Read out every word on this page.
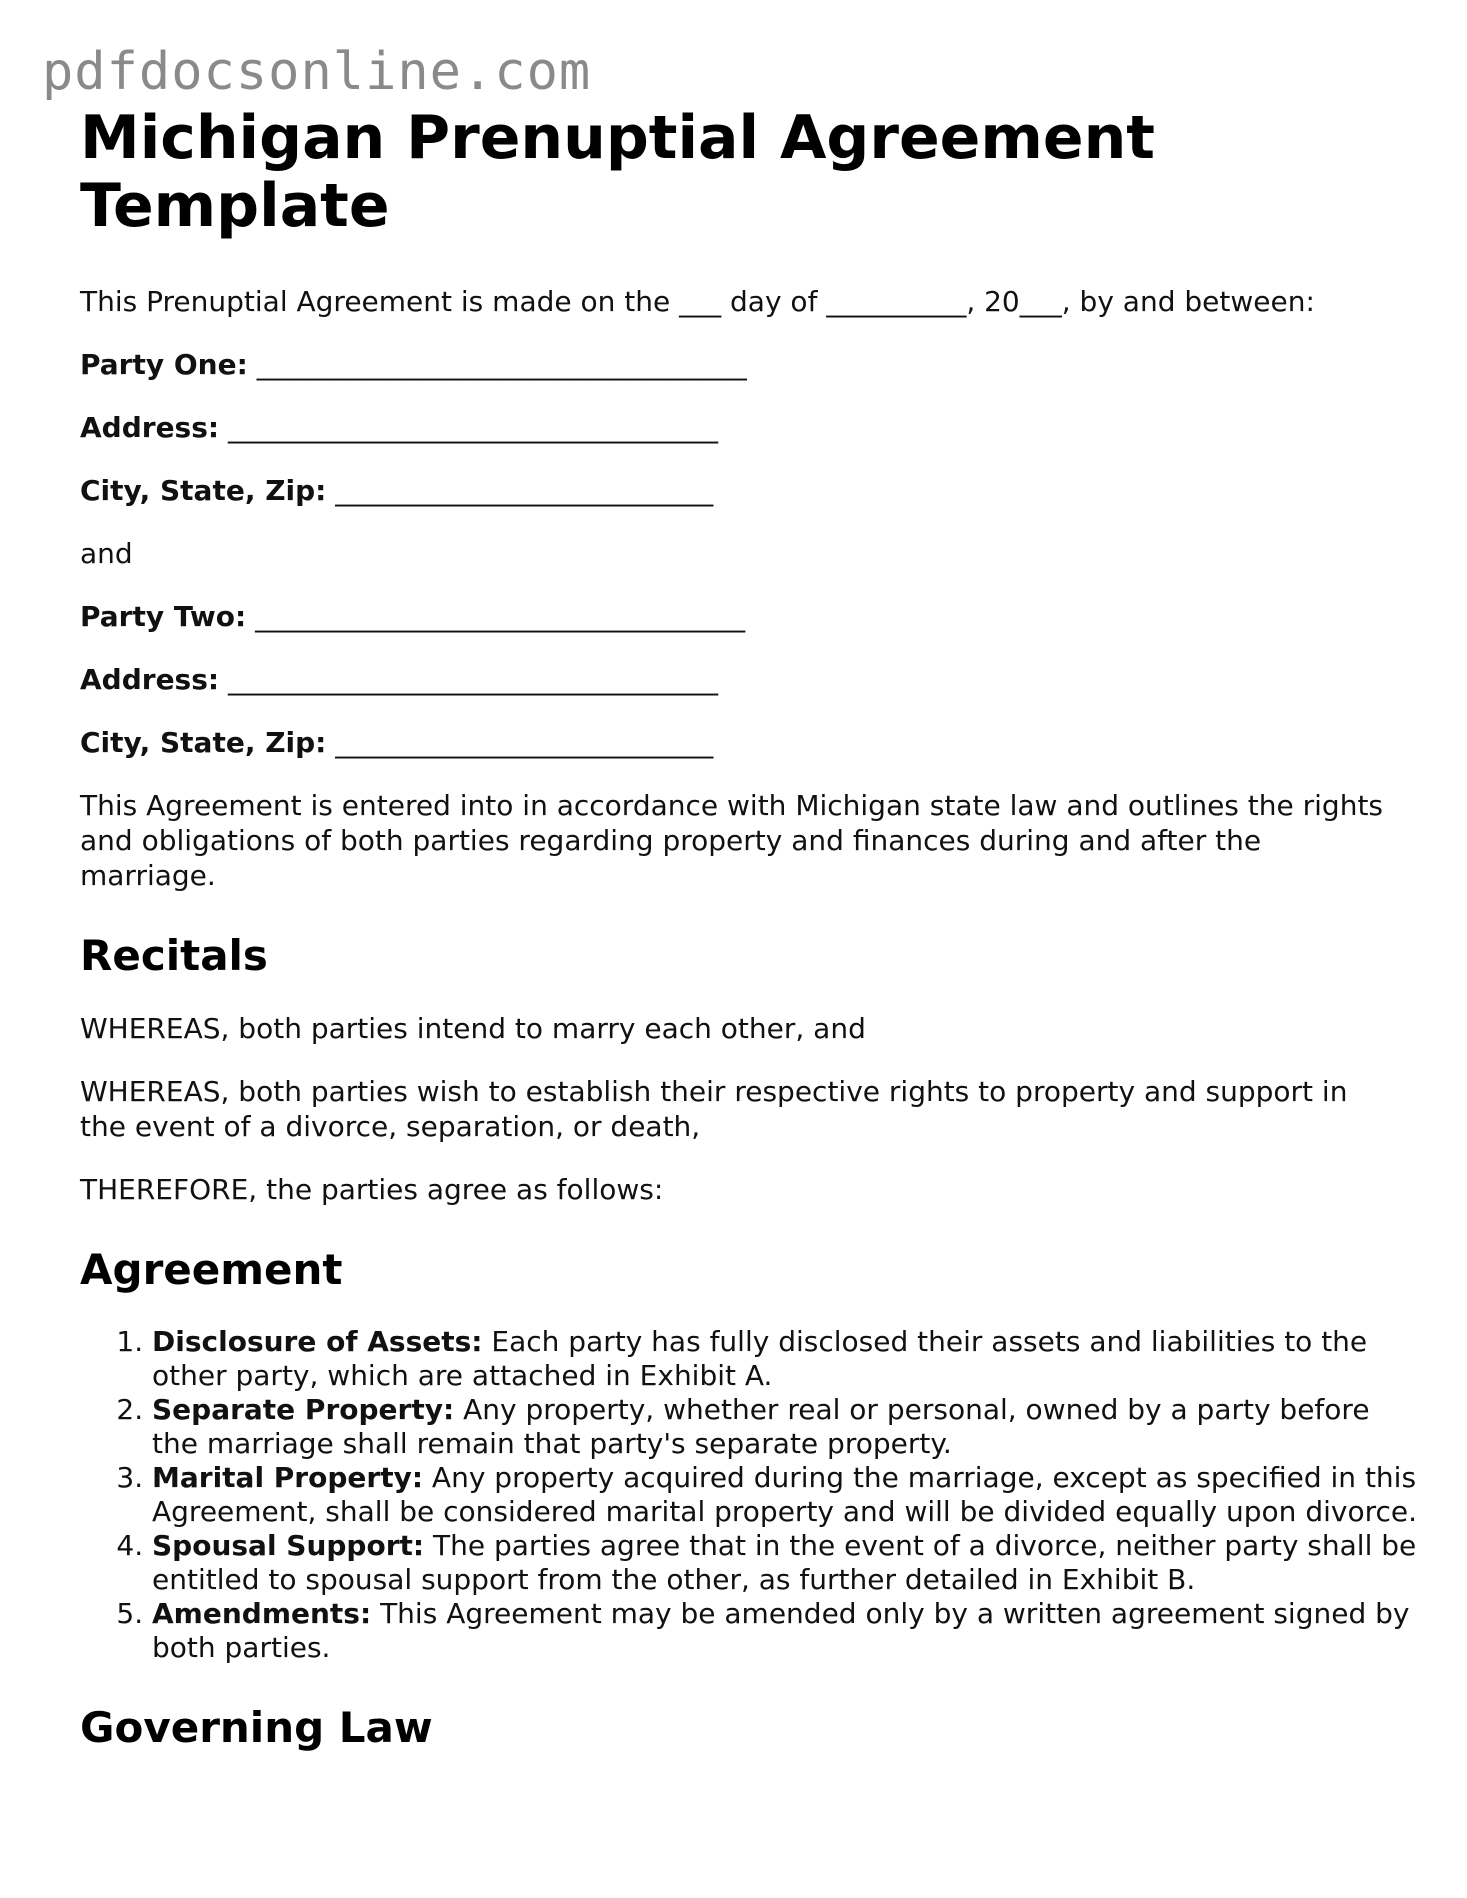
pdfdocsonline.com
Michigan Prenuptial Agreement Template

This Prenuptial Agreement is made on the ___ day of __________, 20___, by and between:

Party One: ___________________________________

Address: ___________________________________

City, State, Zip: ___________________________

and

Party Two: ___________________________________

Address: ___________________________________

City, State, Zip: ___________________________

This Agreement is entered into in accordance with Michigan state law and outlines the rights and obligations of both parties regarding property and finances during and after the marriage.

Recitals

WHEREAS, both parties intend to marry each other, and

WHEREAS, both parties wish to establish their respective rights to property and support in the event of a divorce, separation, or death,

THEREFORE, the parties agree as follows:

Agreement
1. Disclosure of Assets: Each party has fully disclosed their assets and liabilities to the other party, which are attached in Exhibit A.
2. Separate Property: Any property, whether real or personal, owned by a party before the marriage shall remain that party's separate property.
3. Marital Property: Any property acquired during the marriage, except as specified in this Agreement, shall be considered marital property and will be divided equally upon divorce.
4. Spousal Support: The parties agree that in the event of a divorce, neither party shall be entitled to spousal support from the other, as further detailed in Exhibit B.
5. Amendments: This Agreement may be amended only by a written agreement signed by both parties.
Governing Law
